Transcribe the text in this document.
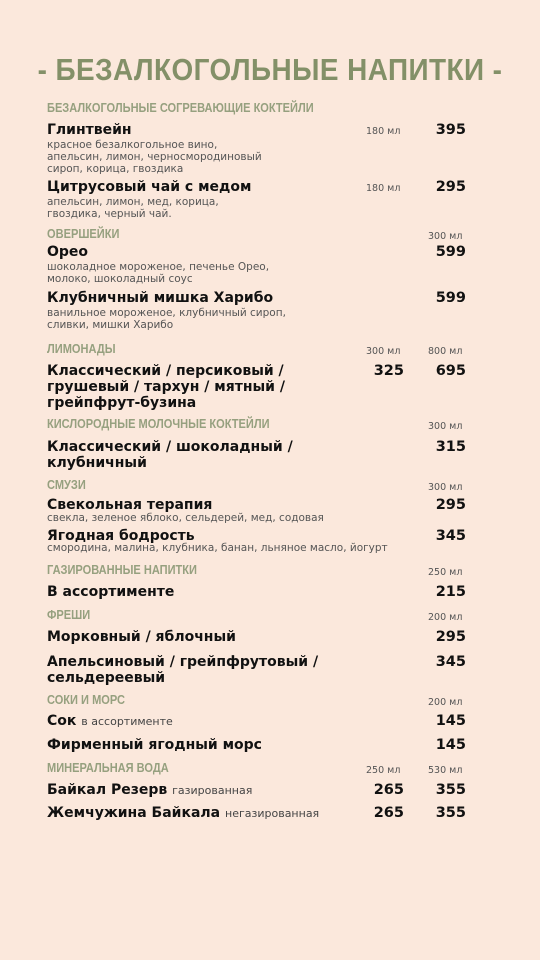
- БЕЗАЛКОГОЛЬНЫЕ НАПИТКИ -
БЕЗАЛКОГОЛЬНЫЕ СОГРЕВАЮЩИЕ КОКТЕЙЛИ
Глинтвейн	180 мл	395
красное безалкогольное вино,
апельсин, лимон, черносмородиновый
сироп, корица, гвоздика
Цитрусовый чай с медом	180 мл	295
апельсин, лимон, мед, корица,
гвоздика, черный чай.
ОВЕРШЕЙКИ	300 мл
Орео	599
шоколадное мороженое, печенье Орео,
молоко, шоколадный соус
Клубничный мишка Харибо	599
ванильное мороженое, клубничный сироп,
сливки, мишки Харибо
ЛИМОНАДЫ	300 мл	800 мл
Классический / персиковый /
грушевый / тархун / мятный /
грейпфрут-бузина
325	695
КИСЛОРОДНЫЕ МОЛОЧНЫЕ КОКТЕЙЛИ	300 мл
Классический / шоколадный /
клубничный
315
СМУЗИ	300 мл
Свекольная терапия	295
свекла, зеленое яблоко, сельдерей, мед, содовая
Ягодная бодрость	345
смородина, малина, клубника, банан, льняное масло, йогурт
ГАЗИРОВАННЫЕ НАПИТКИ	250 мл
В ассортименте	215
ФРЕШИ	200 мл
Морковный / яблочный	295
Апельсиновый / грейпфрутовый /
сельдереевый
345
СОКИ И МОРС	200 мл
Сок в ассортименте	145
Фирменный ягодный морс	145
МИНЕРАЛЬНАЯ ВОДА	250 мл	530 мл
Байкал Резерв газированная	265	355
Жемчужина Байкала негазированная	265	355
